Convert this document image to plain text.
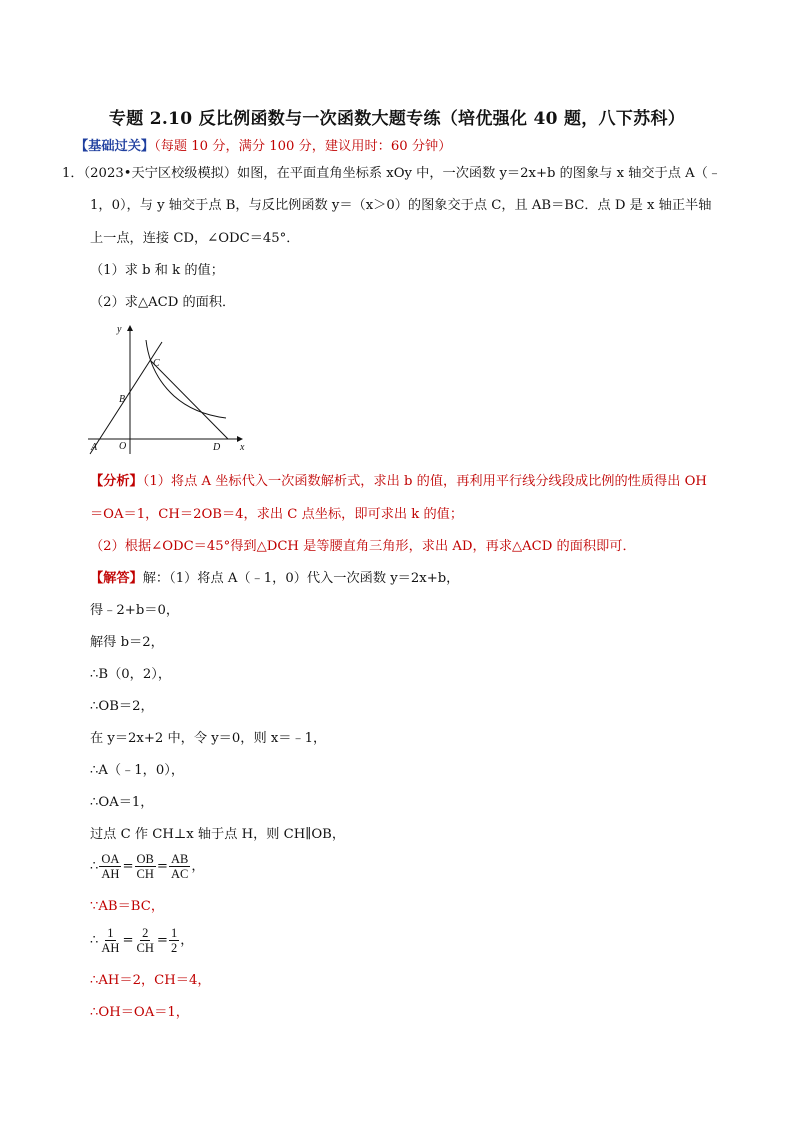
专题 2.10 反比例函数与一次函数大题专练（培优强化 40 题，八下苏科）
【基础过关】（每题 10 分，满分 100 分，建议用时：60 分钟）
1．（2023•天宁区校级模拟）如图，在平面直角坐标系 xOy 中，一次函数 y＝2x+b 的图象与 x 轴交于点 A（﹣
1，0），与 y 轴交于点 B，与反比例函数 y＝（x＞0）的图象交于点 C，且 AB＝BC．点 D 是 x 轴正半轴
上一点，连接 CD，∠ODC＝45°．
（1）求 b 和 k 的值；
（2）求△ACD 的面积．
y
x
C
B
A O	D
【分析】（1）将点 A 坐标代入一次函数解析式，求出 b 的值，再利用平行线分线段成比例的性质得出 OH
＝OA＝1，CH＝2OB＝4，求出 C 点坐标，即可求出 k 的值；
（2）根据∠ODC＝45°得到△DCH 是等腰直角三角形，求出 AD，再求△ACD 的面积即可．
【解答】解：（1）将点 A（﹣1，0）代入一次函数 y＝2x+b，
得﹣2+b＝0，
解得 b＝2，
∴B（0，2），
∴OB＝2，
在 y＝2x+2 中，令 y＝0，则 x＝﹣1，
∴A（﹣1，0），
∴OA＝1，
过点 C 作 CH⊥x 轴于点 H，则 CH∥OB，
∴ $\frac{OA}{AH} = \frac{OB}{CH} = \frac{AB}{AC}$ ，
∵AB＝BC，
∴ $\frac{1}{AH} = \frac{2}{CH} = \frac{1}{2}$ ，
∴AH＝2，CH＝4，
∴OH＝OA＝1，
